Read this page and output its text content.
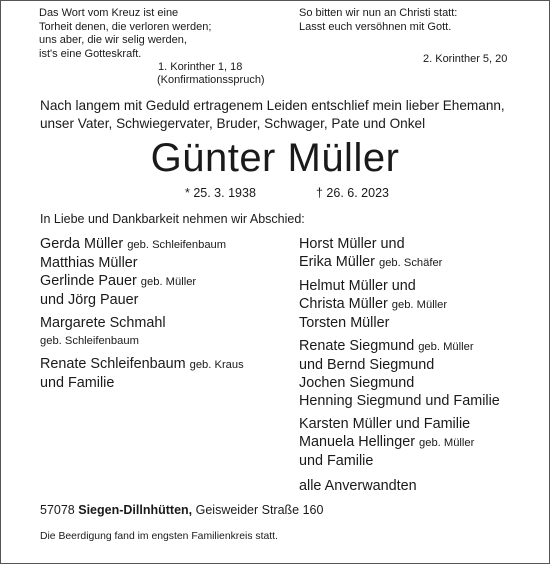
Das Wort vom Kreuz ist eine
Torheit denen, die verloren werden;
uns aber, die wir selig werden,
ist's eine Gotteskraft.
1. Korinther 1, 18
(Konfirmationsspruch)
So bitten wir nun an Christi statt:
Lasst euch versöhnen mit Gott.
2. Korinther 5, 20
Nach langem mit Geduld ertragenem Leiden entschlief mein lieber Ehemann,
unser Vater, Schwiegervater, Bruder, Schwager, Pate und Onkel
Günter Müller
* 25. 3. 1938	† 26. 6. 2023
In Liebe und Dankbarkeit nehmen wir Abschied:
Gerda Müller geb. Schleifenbaum
Matthias Müller
Gerlinde Pauer geb. Müller
und Jörg Pauer
Margarete Schmahl
geb. Schleifenbaum
Renate Schleifenbaum geb. Kraus
und Familie
Horst Müller und
Erika Müller geb. Schäfer
Helmut Müller und
Christa Müller geb. Müller
Torsten Müller
Renate Siegmund geb. Müller
und Bernd Siegmund
Jochen Siegmund
Henning Siegmund und Familie
Karsten Müller und Familie
Manuela Hellinger geb. Müller
und Familie
alle Anverwandten
57078 Siegen-Dillnhütten, Geisweider Straße 160
Die Beerdigung fand im engsten Familienkreis statt.
